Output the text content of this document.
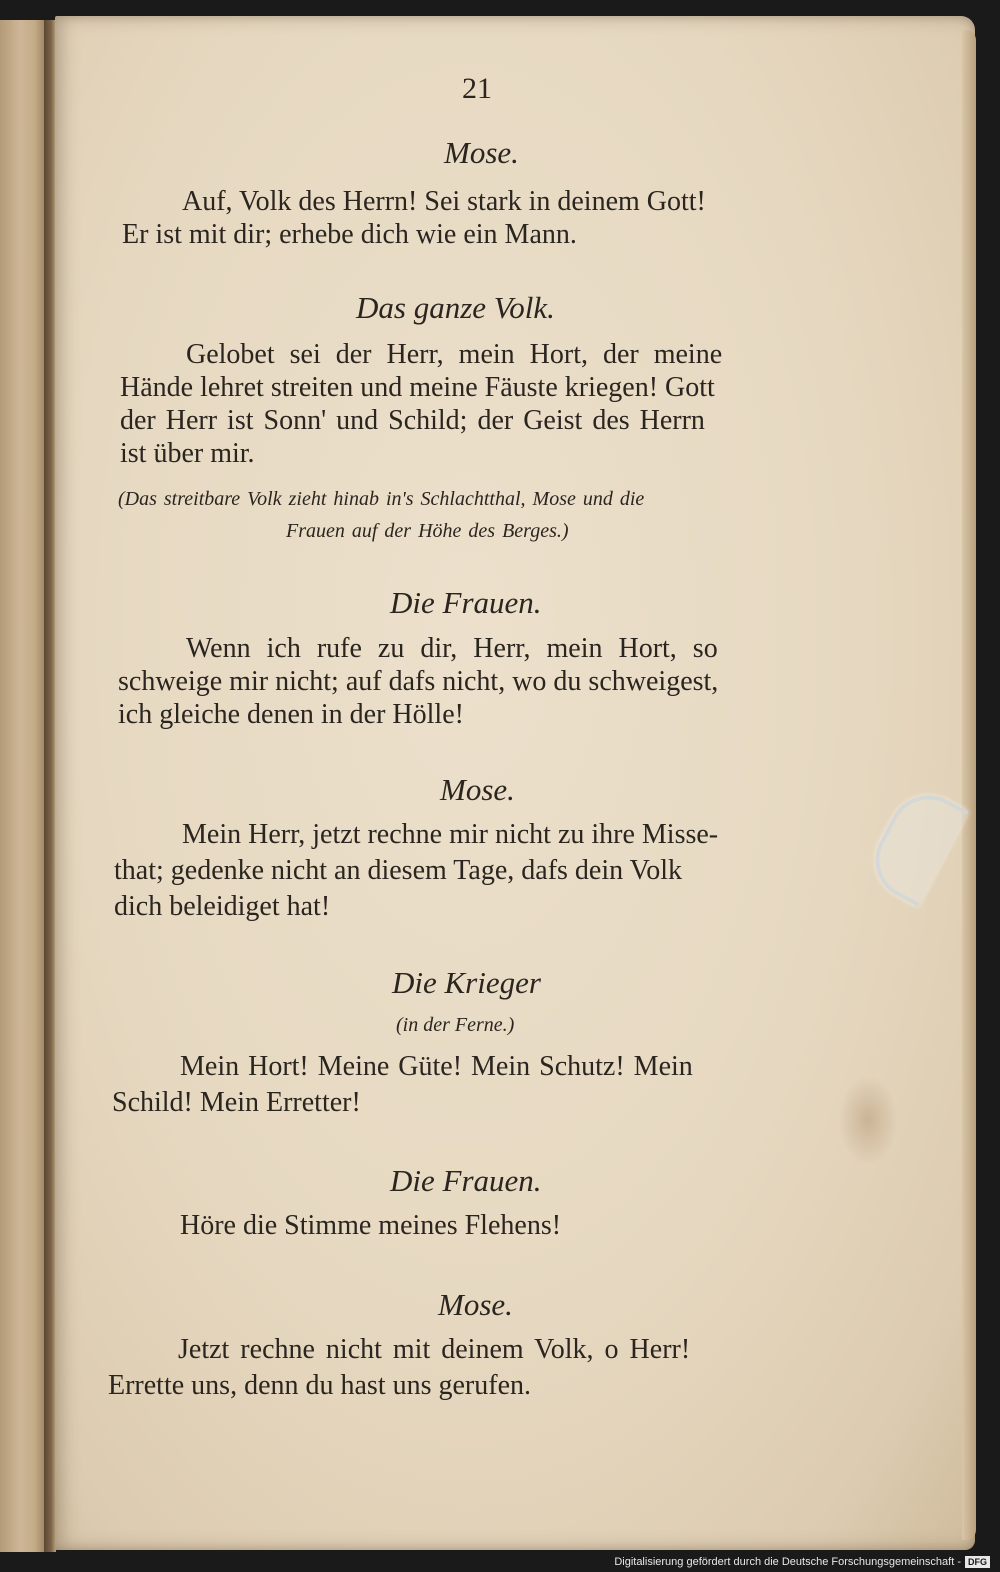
21
Mose.
Auf, Volk des Herrn! Sei stark in deinem Gott!
Er ist mit dir; erhebe dich wie ein Mann.
Das ganze Volk.
Gelobet sei der Herr, mein Hort, der meine
Hände lehret streiten und meine Fäuste kriegen! Gott
der Herr ist Sonn' und Schild; der Geist des Herrn
ist über mir.
(Das streitbare Volk zieht hinab in's Schlachtthal, Mose und die
Frauen auf der Höhe des Berges.)
Die Frauen.
Wenn ich rufe zu dir, Herr, mein Hort, so
schweige mir nicht; auf dafs nicht, wo du schweigest,
ich gleiche denen in der Hölle!
Mose.
Mein Herr, jetzt rechne mir nicht zu ihre Misse-
that; gedenke nicht an diesem Tage, dafs dein Volk
dich beleidiget hat!
Die Krieger
(in der Ferne.)
Mein Hort! Meine Güte! Mein Schutz! Mein
Schild! Mein Erretter!
Die Frauen.
Höre die Stimme meines Flehens!
Mose.
Jetzt rechne nicht mit deinem Volk, o Herr!
Errette uns, denn du hast uns gerufen.
Digitalisierung gefördert durch die Deutsche Forschungsgemeinschaft - DFG
